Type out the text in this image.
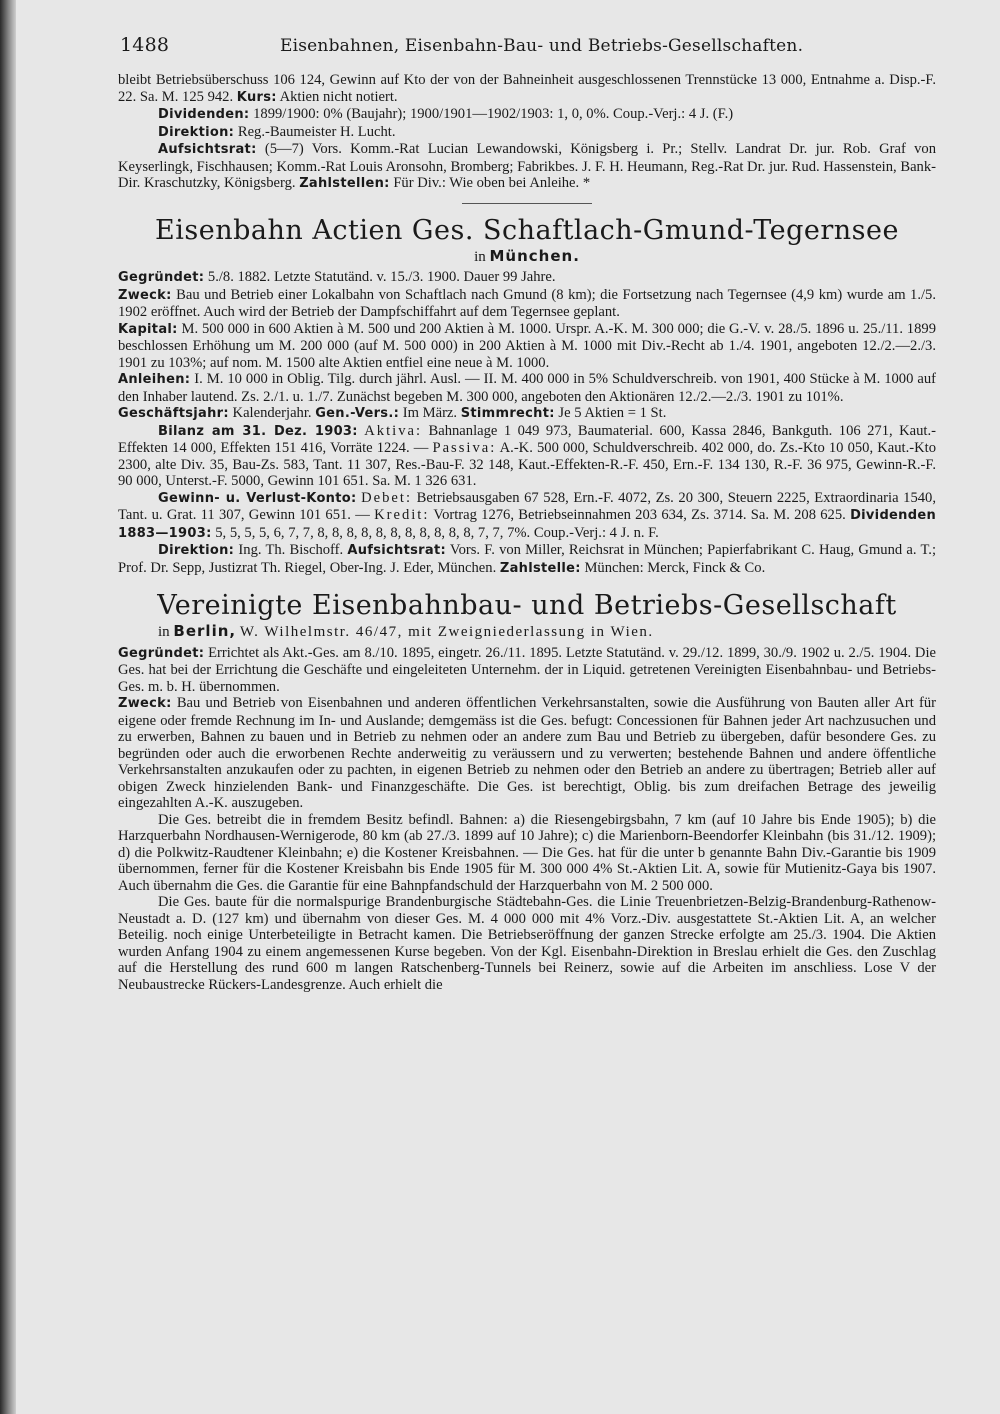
1488	Eisenbahnen, Eisenbahn-Bau- und Betriebs-Gesellschaften.

bleibt Betriebsüberschuss 106 124, Gewinn auf Kto der von der Bahneinheit ausgeschlossenen Trennstücke 13 000, Entnahme a. Disp.-F. 22. Sa. M. 125 942. Kurs: Aktien nicht notiert.

Dividenden: 1899/1900: 0% (Baujahr); 1900/1901—1902/1903: 1, 0, 0%. Coup.-Verj.: 4 J. (F.)

Direktion: Reg.-Baumeister H. Lucht.

Aufsichtsrat: (5—7) Vors. Komm.-Rat Lucian Lewandowski, Königsberg i. Pr.; Stellv. Landrat Dr. jur. Rob. Graf von Keyserlingk, Fischhausen; Komm.-Rat Louis Aronsohn, Bromberg; Fabrikbes. J. F. H. Heumann, Reg.-Rat Dr. jur. Rud. Hassenstein, Bank-Dir. Kraschutzky, Königsberg. Zahlstellen: Für Div.: Wie oben bei Anleihe. *

Eisenbahn Actien Ges. Schaftlach-Gmund-Tegernsee
in München.

Gegründet: 5./8. 1882. Letzte Statutänd. v. 15./3. 1900. Dauer 99 Jahre.

Zweck: Bau und Betrieb einer Lokalbahn von Schaftlach nach Gmund (8 km); die Fortsetzung nach Tegernsee (4,9 km) wurde am 1./5. 1902 eröffnet. Auch wird der Betrieb der Dampfschiffahrt auf dem Tegernsee geplant.

Kapital: M. 500 000 in 600 Aktien à M. 500 und 200 Aktien à M. 1000. Urspr. A.-K. M. 300 000; die G.-V. v. 28./5. 1896 u. 25./11. 1899 beschlossen Erhöhung um M. 200 000 (auf M. 500 000) in 200 Aktien à M. 1000 mit Div.-Recht ab 1./4. 1901, angeboten 12./2.—2./3. 1901 zu 103%; auf nom. M. 1500 alte Aktien entfiel eine neue à M. 1000.

Anleihen: I. M. 10 000 in Oblig. Tilg. durch jährl. Ausl. — II. M. 400 000 in 5% Schuldverschreib. von 1901, 400 Stücke à M. 1000 auf den Inhaber lautend. Zs. 2./1. u. 1./7. Zunächst begeben M. 300 000, angeboten den Aktionären 12./2.—2./3. 1901 zu 101%.

Geschäftsjahr: Kalenderjahr. Gen.-Vers.: Im März. Stimmrecht: Je 5 Aktien = 1 St.

Bilanz am 31. Dez. 1903: Aktiva: Bahnanlage 1 049 973, Baumaterial. 600, Kassa 2846, Bankguth. 106 271, Kaut.-Effekten 14 000, Effekten 151 416, Vorräte 1224. — Passiva: A.-K. 500 000, Schuldverschreib. 402 000, do. Zs.-Kto 10 050, Kaut.-Kto 2300, alte Div. 35, Bau-Zs. 583, Tant. 11 307, Res.-Bau-F. 32 148, Kaut.-Effekten-R.-F. 450, Ern.-F. 134 130, R.-F. 36 975, Gewinn-R.-F. 90 000, Unterst.-F. 5000, Gewinn 101 651. Sa. M. 1 326 631.

Gewinn- u. Verlust-Konto: Debet: Betriebsausgaben 67 528, Ern.-F. 4072, Zs. 20 300, Steuern 2225, Extraordinaria 1540, Tant. u. Grat. 11 307, Gewinn 101 651. — Kredit: Vortrag 1276, Betriebseinnahmen 203 634, Zs. 3714. Sa. M. 208 625. Dividenden 1883—1903: 5, 5, 5, 5, 6, 7, 7, 8, 8, 8, 8, 8, 8, 8, 8, 8, 8, 8, 7, 7, 7%. Coup.-Verj.: 4 J. n. F.

Direktion: Ing. Th. Bischoff. Aufsichtsrat: Vors. F. von Miller, Reichsrat in München; Papierfabrikant C. Haug, Gmund a. T.; Prof. Dr. Sepp, Justizrat Th. Riegel, Ober-Ing. J. Eder, München. Zahlstelle: München: Merck, Finck & Co.

Vereinigte Eisenbahnbau- und Betriebs-Gesellschaft
in Berlin, W. Wilhelmstr. 46/47, mit Zweigniederlassung in Wien.

Gegründet: Errichtet als Akt.-Ges. am 8./10. 1895, eingetr. 26./11. 1895. Letzte Statutänd. v. 29./12. 1899, 30./9. 1902 u. 2./5. 1904. Die Ges. hat bei der Errichtung die Geschäfte und eingeleiteten Unternehm. der in Liquid. getretenen Vereinigten Eisenbahnbau- und Betriebs-Ges. m. b. H. übernommen.

Zweck: Bau und Betrieb von Eisenbahnen und anderen öffentlichen Verkehrsanstalten, sowie die Ausführung von Bauten aller Art für eigene oder fremde Rechnung im In- und Auslande; demgemäss ist die Ges. befugt: Concessionen für Bahnen jeder Art nachzusuchen und zu erwerben, Bahnen zu bauen und in Betrieb zu nehmen oder an andere zum Bau und Betrieb zu übergeben, dafür besondere Ges. zu begründen oder auch die erworbenen Rechte anderweitig zu veräussern und zu verwerten; bestehende Bahnen und andere öffentliche Verkehrsanstalten anzukaufen oder zu pachten, in eigenen Betrieb zu nehmen oder den Betrieb an andere zu übertragen; Betrieb aller auf obigen Zweck hinzielenden Bank- und Finanzgeschäfte. Die Ges. ist berechtigt, Oblig. bis zum dreifachen Betrage des jeweilig eingezahlten A.-K. auszugeben.

Die Ges. betreibt die in fremdem Besitz befindl. Bahnen: a) die Riesengebirgsbahn, 7 km (auf 10 Jahre bis Ende 1905); b) die Harzquerbahn Nordhausen-Wernigerode, 80 km (ab 27./3. 1899 auf 10 Jahre); c) die Marienborn-Beendorfer Kleinbahn (bis 31./12. 1909); d) die Polkwitz-Raudtener Kleinbahn; e) die Kostener Kreisbahnen. — Die Ges. hat für die unter b genannte Bahn Div.-Garantie bis 1909 übernommen, ferner für die Kostener Kreisbahn bis Ende 1905 für M. 300 000 4% St.-Aktien Lit. A, sowie für Mutienitz-Gaya bis 1907. Auch übernahm die Ges. die Garantie für eine Bahnpfandschuld der Harzquerbahn von M. 2 500 000.

Die Ges. baute für die normalspurige Brandenburgische Städtebahn-Ges. die Linie Treuenbrietzen-Belzig-Brandenburg-Rathenow-Neustadt a. D. (127 km) und übernahm von dieser Ges. M. 4 000 000 mit 4% Vorz.-Div. ausgestattete St.-Aktien Lit. A, an welcher Beteilig. noch einige Unterbeteiligte in Betracht kamen. Die Betriebseröffnung der ganzen Strecke erfolgte am 25./3. 1904. Die Aktien wurden Anfang 1904 zu einem angemessenen Kurse begeben. Von der Kgl. Eisenbahn-Direktion in Breslau erhielt die Ges. den Zuschlag auf die Herstellung des rund 600 m langen Ratschenberg-Tunnels bei Reinerz, sowie auf die Arbeiten im anschliess. Lose V der Neubaustrecke Rückers-Landesgrenze. Auch erhielt die
